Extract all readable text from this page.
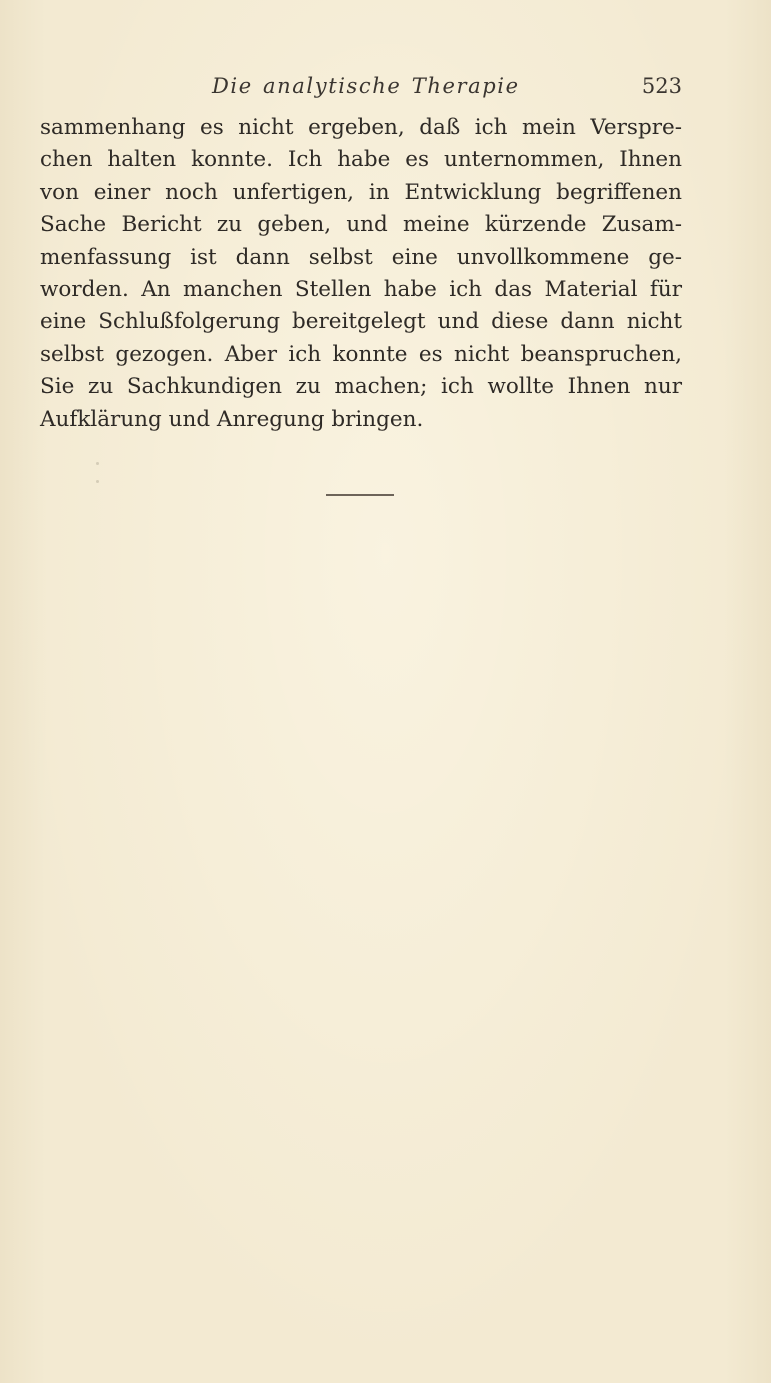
Die analytische Therapie	523
sammenhang es nicht ergeben, daß ich mein Verspre-
chen halten konnte. Ich habe es unternommen, Ihnen
von einer noch unfertigen, in Entwicklung begriffenen
Sache Bericht zu geben, und meine kürzende Zusam-
menfassung ist dann selbst eine unvollkommene ge-
worden. An manchen Stellen habe ich das Material für
eine Schlußfolgerung bereitgelegt und diese dann nicht
selbst gezogen. Aber ich konnte es nicht beanspruchen,
Sie zu Sachkundigen zu machen; ich wollte Ihnen nur
Aufklärung und Anregung bringen.
